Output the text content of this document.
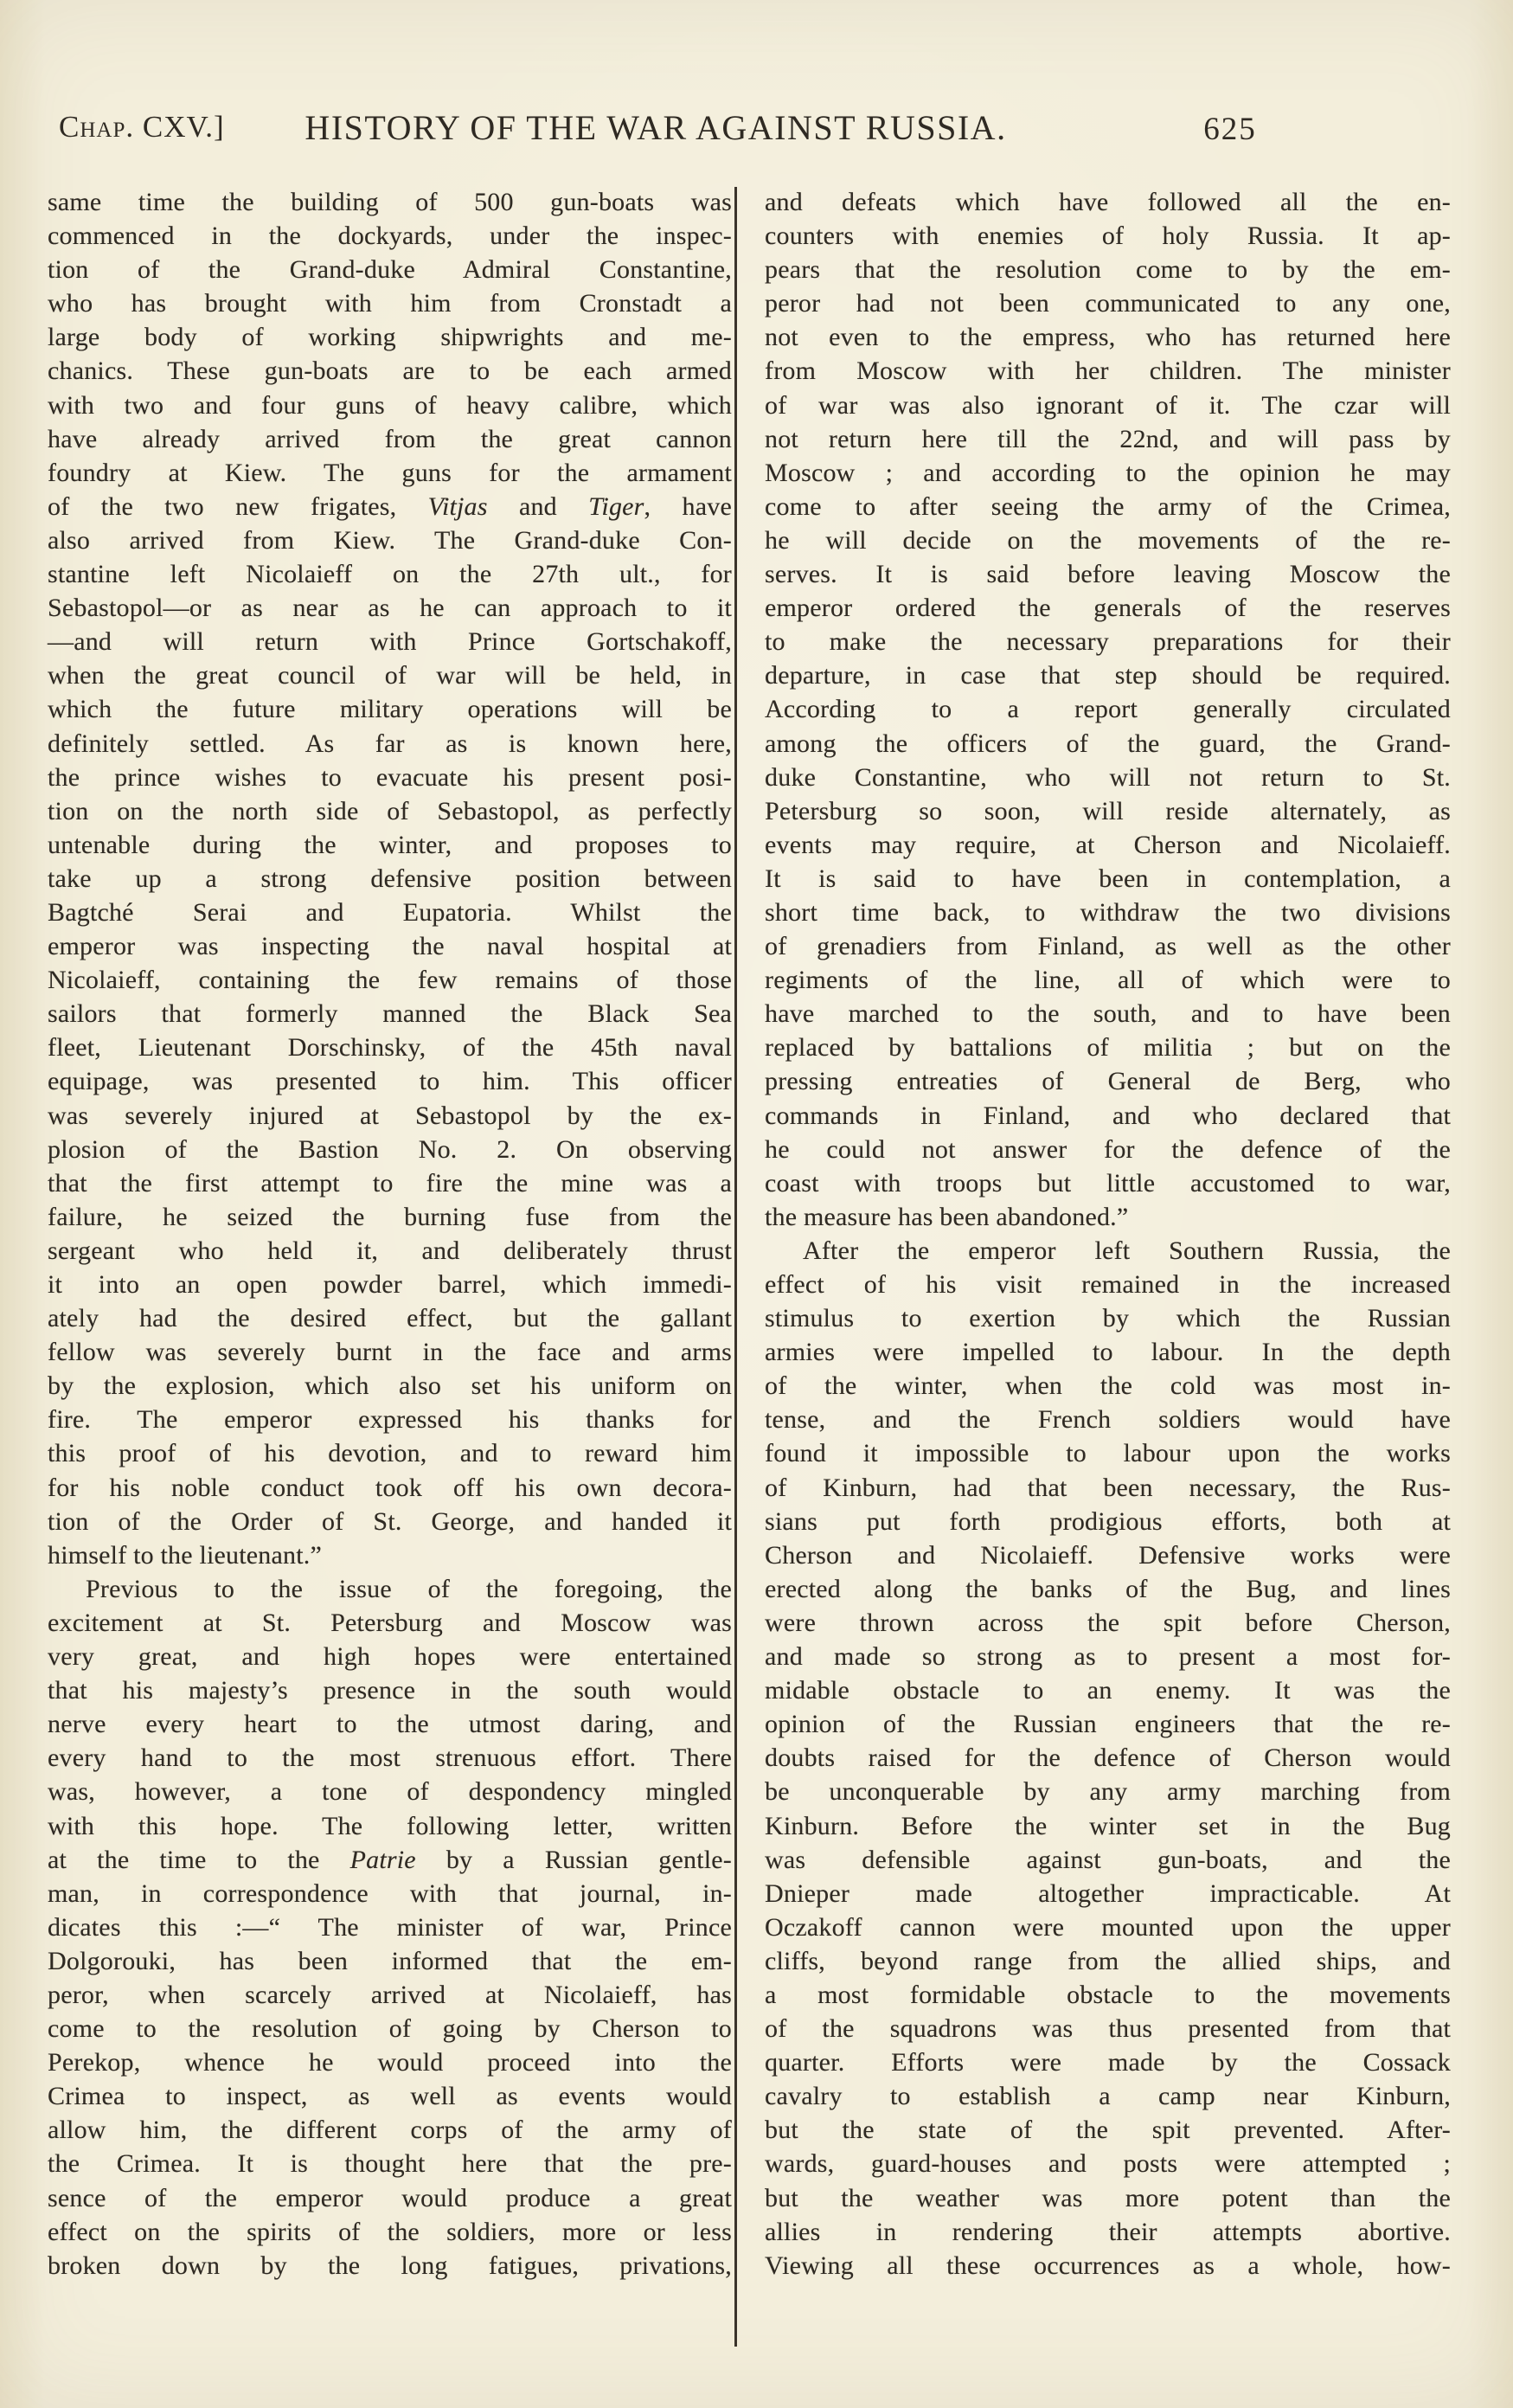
Chap. CXV.] HISTORY OF THE WAR AGAINST RUSSIA.	625
same time the building of 500 gun-boats was
commenced in the dockyards, under the inspec-
tion of the Grand-duke Admiral Constantine,
who has brought with him from Cronstadt a
large body of working shipwrights and me-
chanics. These gun-boats are to be each armed
with two and four guns of heavy calibre, which
have already arrived from the great cannon
foundry at Kiew. The guns for the armament
of the two new frigates, Vitjas and Tiger, have
also arrived from Kiew. The Grand-duke Con-
stantine left Nicolaieff on the 27th ult., for
Sebastopol—or as near as he can approach to it
—and will return with Prince Gortschakoff,
when the great council of war will be held, in
which the future military operations will be
definitely settled. As far as is known here,
the prince wishes to evacuate his present posi-
tion on the north side of Sebastopol, as perfectly
untenable during the winter, and proposes to
take up a strong defensive position between
Bagtché Serai and Eupatoria. Whilst the
emperor was inspecting the naval hospital at
Nicolaieff, containing the few remains of those
sailors that formerly manned the Black Sea
fleet, Lieutenant Dorschinsky, of the 45th naval
equipage, was presented to him. This officer
was severely injured at Sebastopol by the ex-
plosion of the Bastion No. 2. On observing
that the first attempt to fire the mine was a
failure, he seized the burning fuse from the
sergeant who held it, and deliberately thrust
it into an open powder barrel, which immedi-
ately had the desired effect, but the gallant
fellow was severely burnt in the face and arms
by the explosion, which also set his uniform on
fire. The emperor expressed his thanks for
this proof of his devotion, and to reward him
for his noble conduct took off his own decora-
tion of the Order of St. George, and handed it
himself to the lieutenant.”
Previous to the issue of the foregoing, the
excitement at St. Petersburg and Moscow was
very great, and high hopes were entertained
that his majesty’s presence in the south would
nerve every heart to the utmost daring, and
every hand to the most strenuous effort. There
was, however, a tone of despondency mingled
with this hope. The following letter, written
at the time to the Patrie by a Russian gentle-
man, in correspondence with that journal, in-
dicates this :—“ The minister of war, Prince
Dolgorouki, has been informed that the em-
peror, when scarcely arrived at Nicolaieff, has
come to the resolution of going by Cherson to
Perekop, whence he would proceed into the
Crimea to inspect, as well as events would
allow him, the different corps of the army of
the Crimea. It is thought here that the pre-
sence of the emperor would produce a great
effect on the spirits of the soldiers, more or less
broken down by the long fatigues, privations,
and defeats which have followed all the en-
counters with enemies of holy Russia. It ap-
pears that the resolution come to by the em-
peror had not been communicated to any one,
not even to the empress, who has returned here
from Moscow with her children. The minister
of war was also ignorant of it. The czar will
not return here till the 22nd, and will pass by
Moscow ; and according to the opinion he may
come to after seeing the army of the Crimea,
he will decide on the movements of the re-
serves. It is said before leaving Moscow the
emperor ordered the generals of the reserves
to make the necessary preparations for their
departure, in case that step should be required.
According to a report generally circulated
among the officers of the guard, the Grand-
duke Constantine, who will not return to St.
Petersburg so soon, will reside alternately, as
events may require, at Cherson and Nicolaieff.
It is said to have been in contemplation, a
short time back, to withdraw the two divisions
of grenadiers from Finland, as well as the other
regiments of the line, all of which were to
have marched to the south, and to have been
replaced by battalions of militia ; but on the
pressing entreaties of General de Berg, who
commands in Finland, and who declared that
he could not answer for the defence of the
coast with troops but little accustomed to war,
the measure has been abandoned.”
After the emperor left Southern Russia, the
effect of his visit remained in the increased
stimulus to exertion by which the Russian
armies were impelled to labour. In the depth
of the winter, when the cold was most in-
tense, and the French soldiers would have
found it impossible to labour upon the works
of Kinburn, had that been necessary, the Rus-
sians put forth prodigious efforts, both at
Cherson and Nicolaieff. Defensive works were
erected along the banks of the Bug, and lines
were thrown across the spit before Cherson,
and made so strong as to present a most for-
midable obstacle to an enemy. It was the
opinion of the Russian engineers that the re-
doubts raised for the defence of Cherson would
be unconquerable by any army marching from
Kinburn. Before the winter set in the Bug
was defensible against gun-boats, and the
Dnieper made altogether impracticable. At
Oczakoff cannon were mounted upon the upper
cliffs, beyond range from the allied ships, and
a most formidable obstacle to the movements
of the squadrons was thus presented from that
quarter. Efforts were made by the Cossack
cavalry to establish a camp near Kinburn,
but the state of the spit prevented. After-
wards, guard-houses and posts were attempted ;
but the weather was more potent than the
allies in rendering their attempts abortive.
Viewing all these occurrences as a whole, how-
